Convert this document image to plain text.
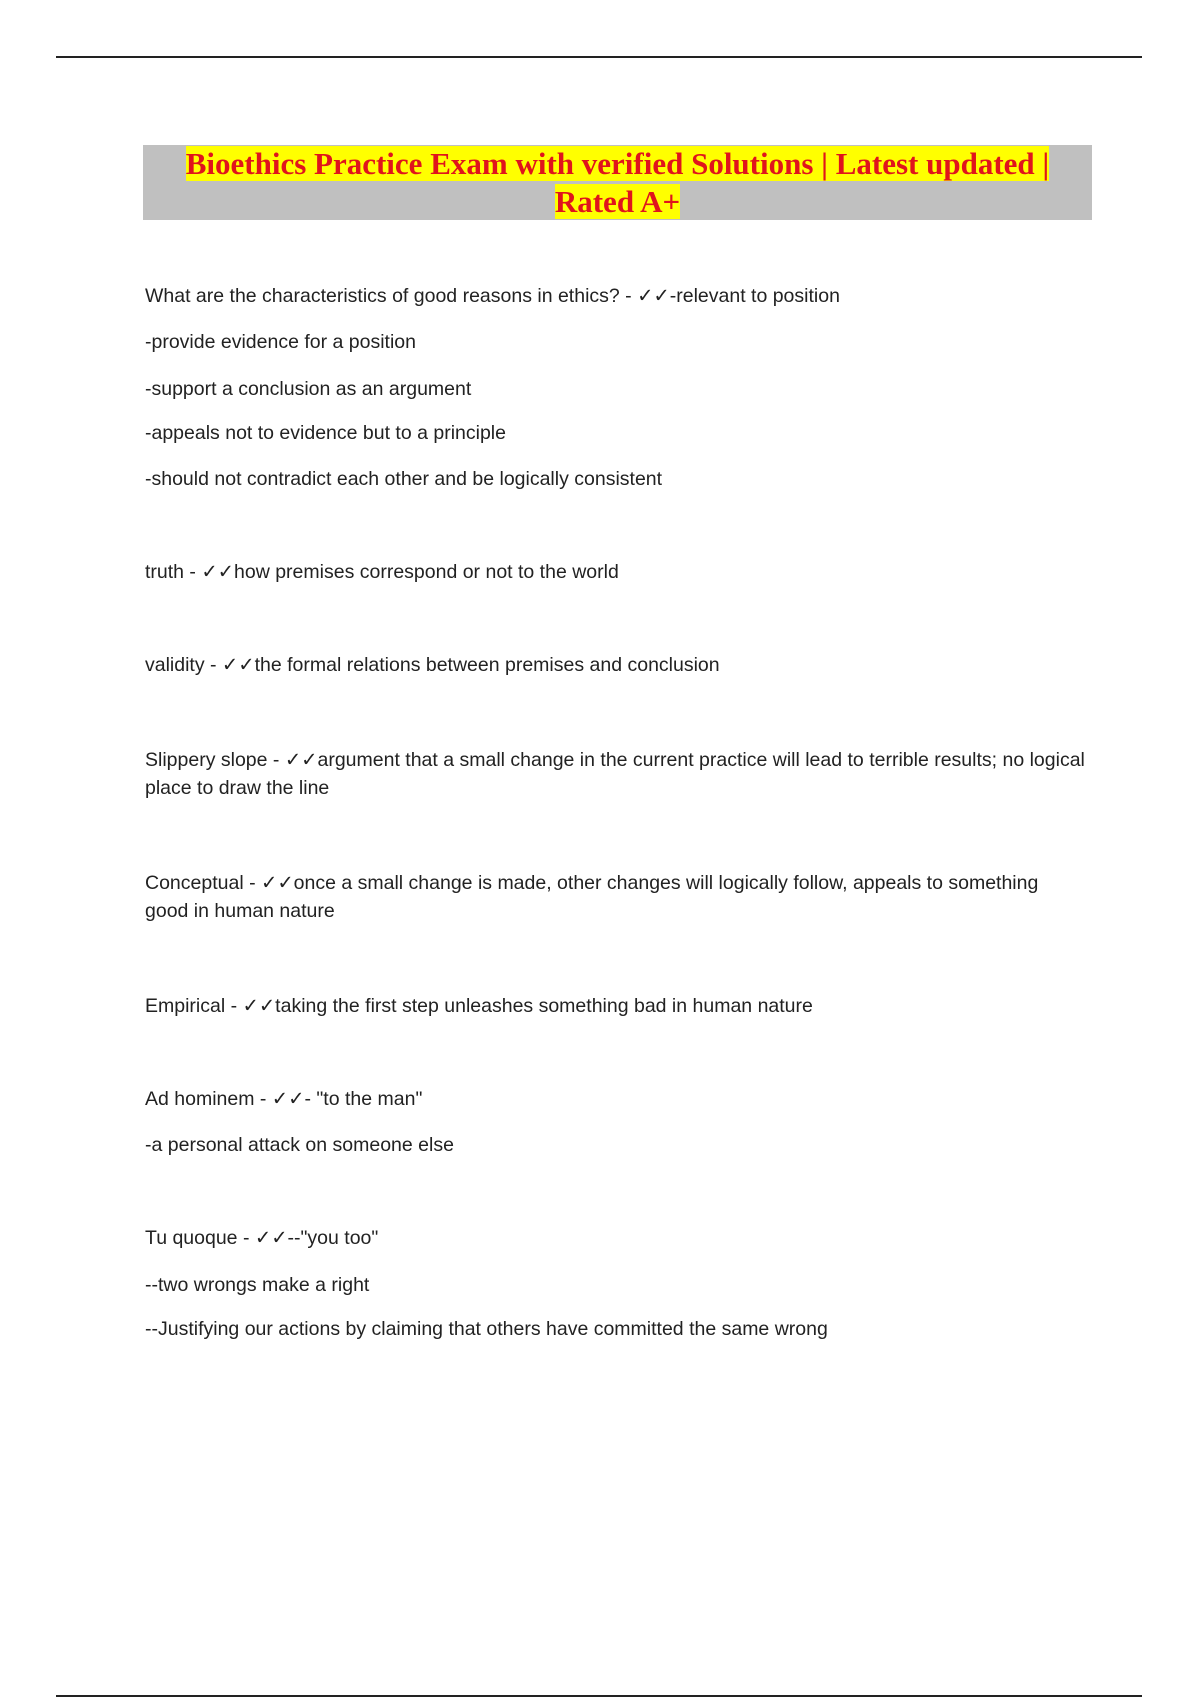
Bioethics Practice Exam with verified Solutions | Latest updated | Rated A+
What are the characteristics of good reasons in ethics? - ✓✓-relevant to position
-provide evidence for a position
-support a conclusion as an argument
-appeals not to evidence but to a principle
-should not contradict each other and be logically consistent
truth - ✓✓how premises correspond or not to the world
validity - ✓✓the formal relations between premises and conclusion
Slippery slope - ✓✓argument that a small change in the current practice will lead to terrible results; no logical place to draw the line
Conceptual - ✓✓once a small change is made, other changes will logically follow, appeals to something good in human nature
Empirical - ✓✓taking the first step unleashes something bad in human nature
Ad hominem - ✓✓- "to the man"
-a personal attack on someone else
Tu quoque - ✓✓--"you too"
--two wrongs make a right
--Justifying our actions by claiming that others have committed the same wrong
